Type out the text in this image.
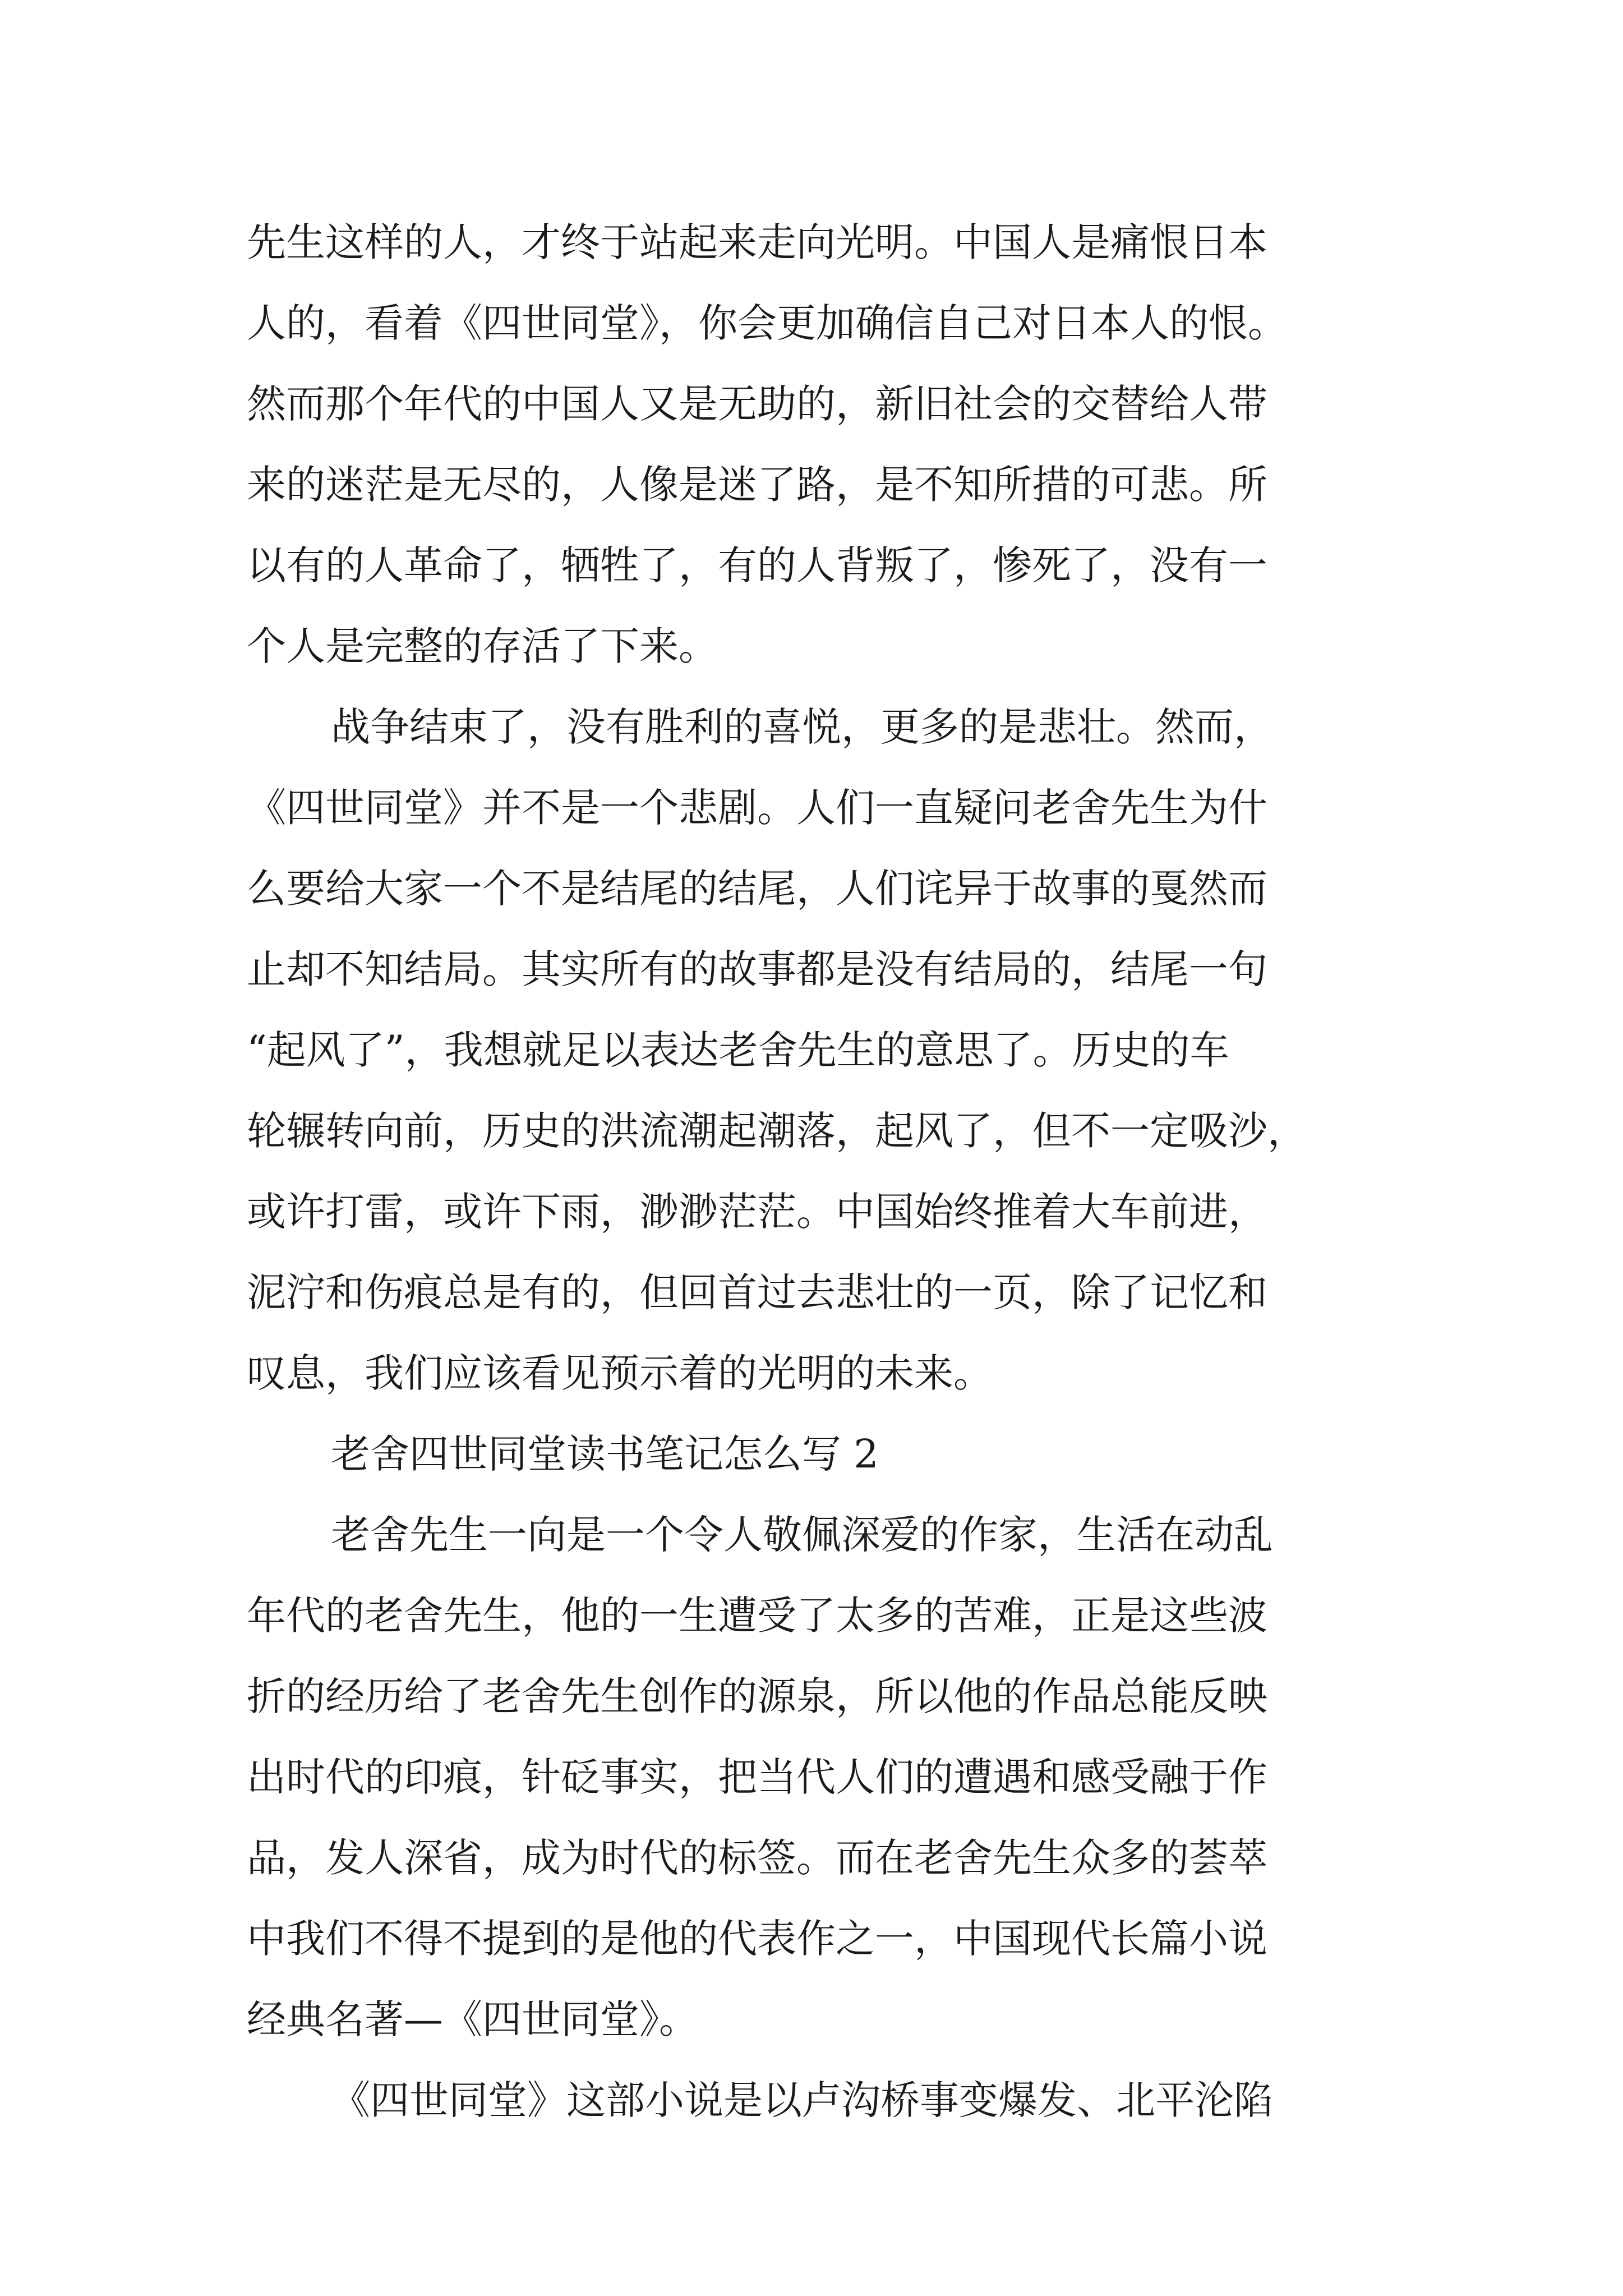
先生这样的人，才终于站起来走向光明。中国人是痛恨日本
人的，看着《四世同堂》，你会更加确信自己对日本人的恨。
然而那个年代的中国人又是无助的，新旧社会的交替给人带
来的迷茫是无尽的，人像是迷了路，是不知所措的可悲。所
以有的人革命了，牺牲了，有的人背叛了，惨死了，没有一
个人是完整的存活了下来。
战争结束了，没有胜利的喜悦，更多的是悲壮。然而，
《四世同堂》并不是一个悲剧。人们一直疑问老舍先生为什
么要给大家一个不是结尾的结尾，人们诧异于故事的戛然而
止却不知结局。其实所有的故事都是没有结局的，结尾一句
“起风了”，我想就足以表达老舍先生的意思了。历史的车
轮辗转向前，历史的洪流潮起潮落，起风了，但不一定吸沙，
或许打雷，或许下雨，渺渺茫茫。中国始终推着大车前进，
泥泞和伤痕总是有的，但回首过去悲壮的一页，除了记忆和
叹息，我们应该看见预示着的光明的未来。
老舍四世同堂读书笔记怎么写 2
老舍先生一向是一个令人敬佩深爱的作家，生活在动乱
年代的老舍先生，他的一生遭受了太多的苦难，正是这些波
折的经历给了老舍先生创作的源泉，所以他的作品总能反映
出时代的印痕，针砭事实，把当代人们的遭遇和感受融于作
品，发人深省，成为时代的标签。而在老舍先生众多的荟萃
中我们不得不提到的是他的代表作之一，中国现代长篇小说
经典名著—《四世同堂》。
《四世同堂》这部小说是以卢沟桥事变爆发、北平沦陷
